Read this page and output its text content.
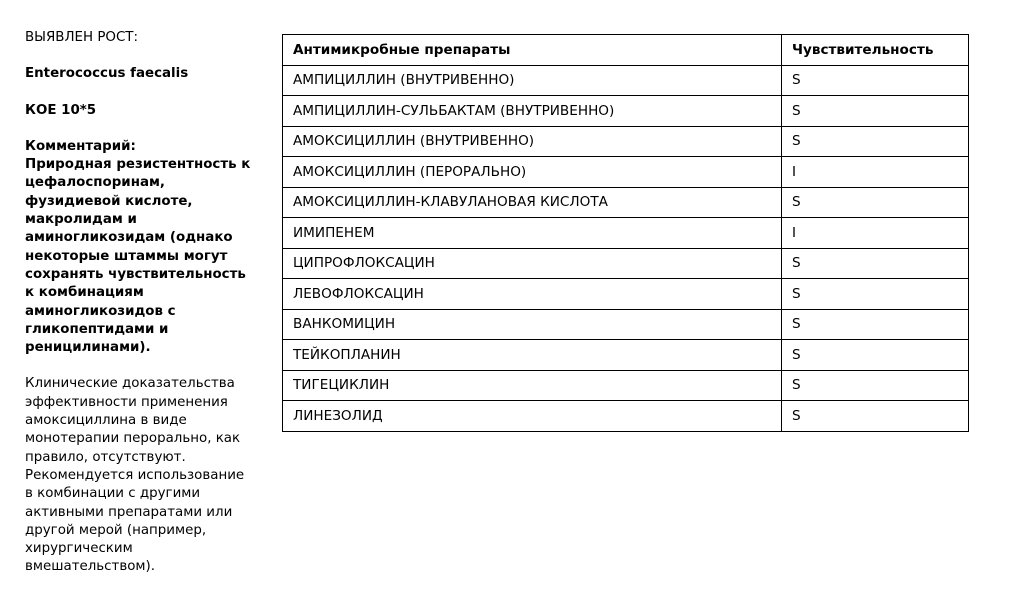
ВЫЯВЛЕН РОСТ:

Enterococcus faecalis

КОЕ 10*5

Комментарий:

Природная резистентность к
цефалоспоринам,
фузидиевой кислоте,
макролидам и
аминогликозидам (однако
некоторые штаммы могут
сохранять чувствительность
к комбинациям
аминогликозидов с
гликопептидами и
pеницилинами).

Клинические доказательства
эффективности применения
амоксициллина в виде
монотерапии перорально, как
правило, отсутствуют.
Рекомендуется использование
в комбинации с другими
активными препаратами или
другой мерой (например,
хирургическим
вмешательством).

Антимикробные препараты	Чувствительность
АМПИЦИЛЛИН (ВНУТРИВЕННО)	S
АМПИЦИЛЛИН-СУЛЬБАКТАМ (ВНУТРИВЕННО)	S
АМОКСИЦИЛЛИН (ВНУТРИВЕННО)	S
АМОКСИЦИЛЛИН (ПЕРОРАЛЬНО)	I
АМОКСИЦИЛЛИН-КЛАВУЛАНОВАЯ КИСЛОТА	S
ИМИПЕНЕМ	I
ЦИПРОФЛОКСАЦИН	S
ЛЕВОФЛОКСАЦИН	S
ВАНКОМИЦИН	S
ТЕЙКОПЛАНИН	S
ТИГЕЦИКЛИН	S
ЛИНЕЗОЛИД	S
